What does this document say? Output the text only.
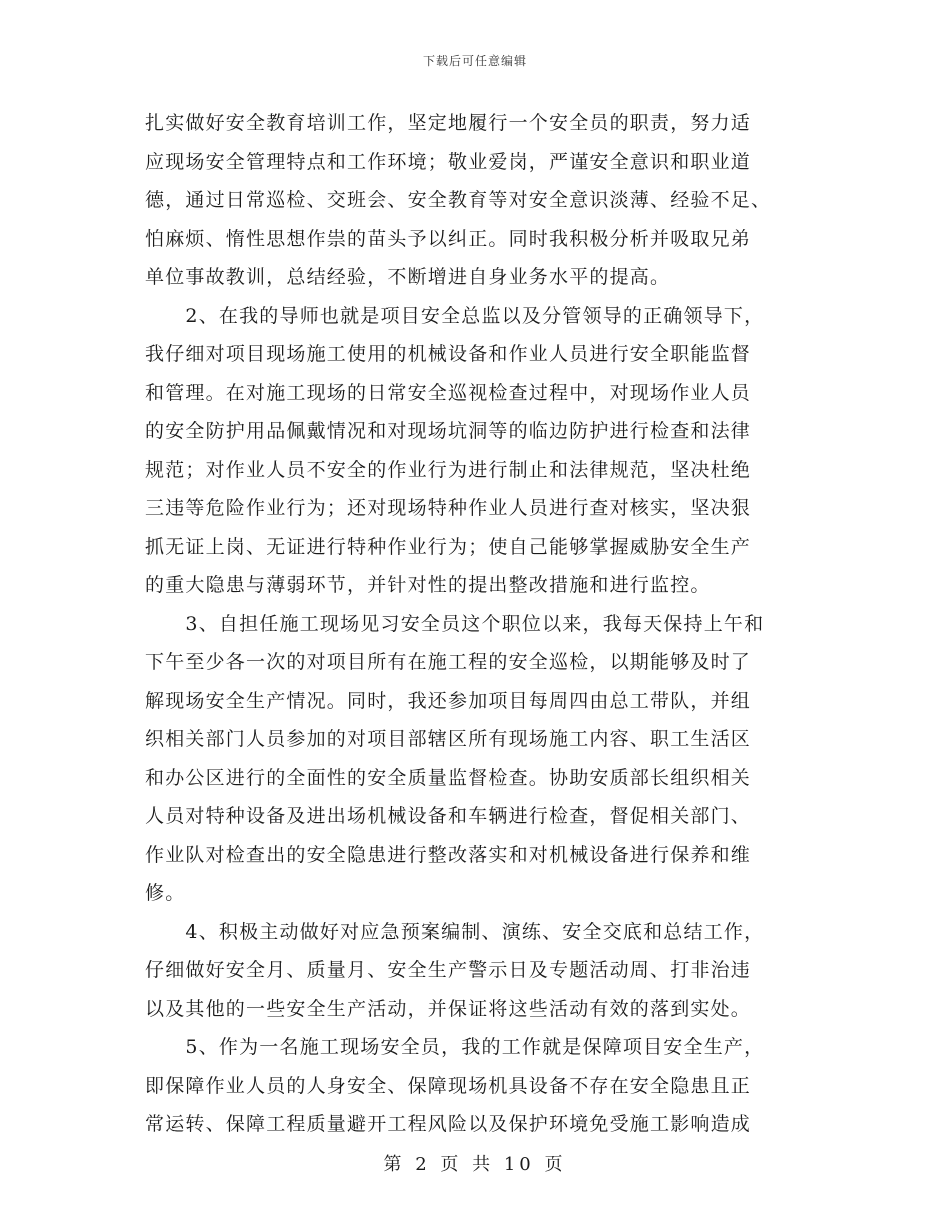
下载后可任意编辑
扎实做好安全教育培训工作，坚定地履行一个安全员的职责，努力适
应现场安全管理特点和工作环境；敬业爱岗，严谨安全意识和职业道
德，通过日常巡检、交班会、安全教育等对安全意识淡薄、经验不足、
怕麻烦、惰性思想作祟的苗头予以纠正。同时我积极分析并吸取兄弟
单位事故教训，总结经验，不断增进自身业务水平的提高。
　　2、在我的导师也就是项目安全总监以及分管领导的正确领导下，
我仔细对项目现场施工使用的机械设备和作业人员进行安全职能监督
和管理。在对施工现场的日常安全巡视检查过程中，对现场作业人员
的安全防护用品佩戴情况和对现场坑洞等的临边防护进行检查和法律
规范；对作业人员不安全的作业行为进行制止和法律规范，坚决杜绝
三违等危险作业行为；还对现场特种作业人员进行查对核实，坚决狠
抓无证上岗、无证进行特种作业行为；使自己能够掌握威胁安全生产
的重大隐患与薄弱环节，并针对性的提出整改措施和进行监控。
　　3、自担任施工现场见习安全员这个职位以来，我每天保持上午和
下午至少各一次的对项目所有在施工程的安全巡检，以期能够及时了
解现场安全生产情况。同时，我还参加项目每周四由总工带队，并组
织相关部门人员参加的对项目部辖区所有现场施工内容、职工生活区
和办公区进行的全面性的安全质量监督检查。协助安质部长组织相关
人员对特种设备及进出场机械设备和车辆进行检查，督促相关部门、
作业队对检查出的安全隐患进行整改落实和对机械设备进行保养和维
修。
　　4、积极主动做好对应急预案编制、演练、安全交底和总结工作，
仔细做好安全月、质量月、安全生产警示日及专题活动周、打非治违
以及其他的一些安全生产活动，并保证将这些活动有效的落到实处。
　　5、作为一名施工现场安全员，我的工作就是保障项目安全生产，
即保障作业人员的人身安全、保障现场机具设备不存在安全隐患且正
常运转、保障工程质量避开工程风险以及保护环境免受施工影响造成
第 2 页 共 10 页
